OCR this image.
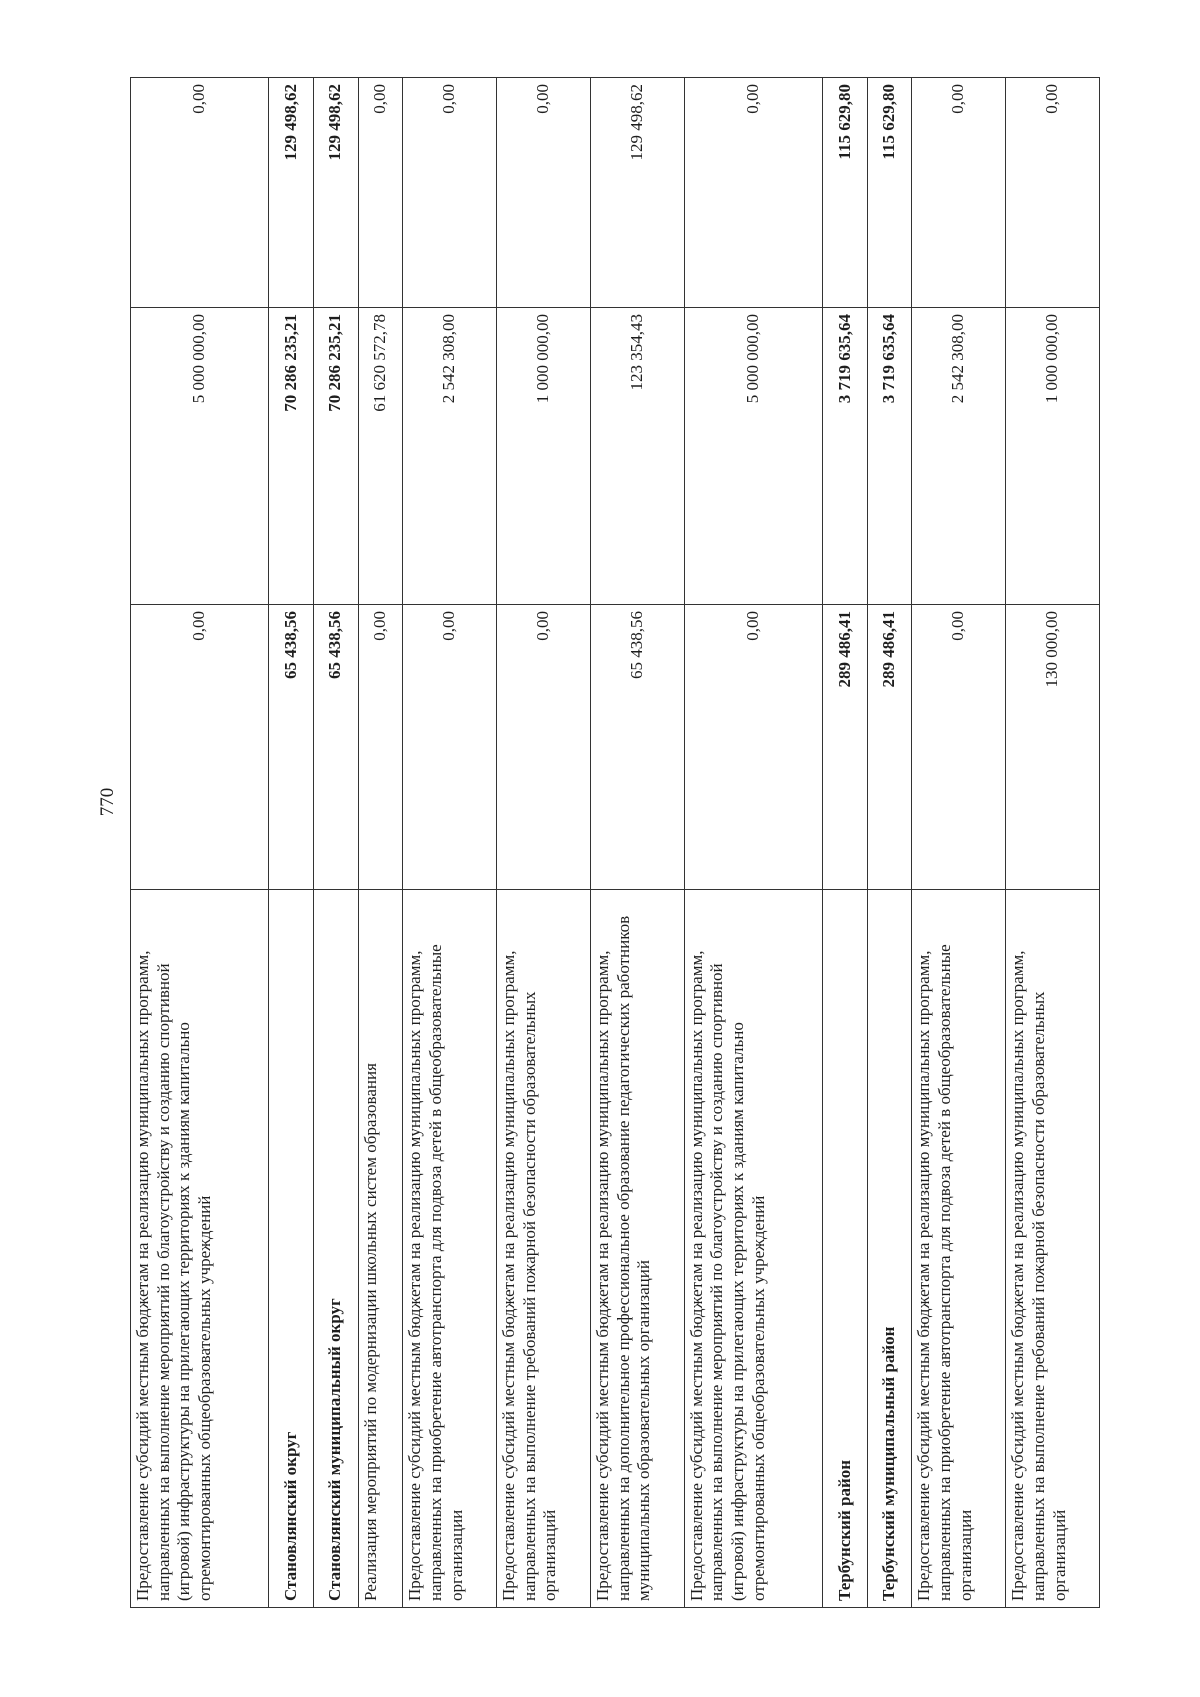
770
Предоставление субсидий местным бюджетам на реализацию муниципальных программ, направленных на выполнение мероприятий по благоустройству и созданию спортивной (игровой) инфраструктуры на прилегающих территориях к зданиям капитально отремонтированных общеобразовательных учреждений	0,00	5 000 000,00	0,00
Становлянский округ	65 438,56	70 286 235,21	129 498,62
Становлянский муниципальный округ	65 438,56	70 286 235,21	129 498,62
Реализация мероприятий по модернизации школьных систем образования	0,00	61 620 572,78	0,00
Предоставление субсидий местным бюджетам на реализацию муниципальных программ, направленных на приобретение автотранспорта для подвоза детей в общеобразовательные организации	0,00	2 542 308,00	0,00
Предоставление субсидий местным бюджетам на реализацию муниципальных программ, направленных на выполнение требований пожарной безопасности образовательных организаций	0,00	1 000 000,00	0,00
Предоставление субсидий местным бюджетам на реализацию муниципальных программ, направленных на дополнительное профессиональное образование педагогических работников муниципальных образовательных организаций	65 438,56	123 354,43	129 498,62
Предоставление субсидий местным бюджетам на реализацию муниципальных программ, направленных на выполнение мероприятий по благоустройству и созданию спортивной (игровой) инфраструктуры на прилегающих территориях к зданиям капитально отремонтированных общеобразовательных учреждений	0,00	5 000 000,00	0,00
Тербунский район	289 486,41	3 719 635,64	115 629,80
Тербунский муниципальный район	289 486,41	3 719 635,64	115 629,80
Предоставление субсидий местным бюджетам на реализацию муниципальных программ, направленных на приобретение автотранспорта для подвоза детей в общеобразовательные организации	0,00	2 542 308,00	0,00
Предоставление субсидий местным бюджетам на реализацию муниципальных программ, направленных на выполнение требований пожарной безопасности образовательных организаций	130 000,00	1 000 000,00	0,00
